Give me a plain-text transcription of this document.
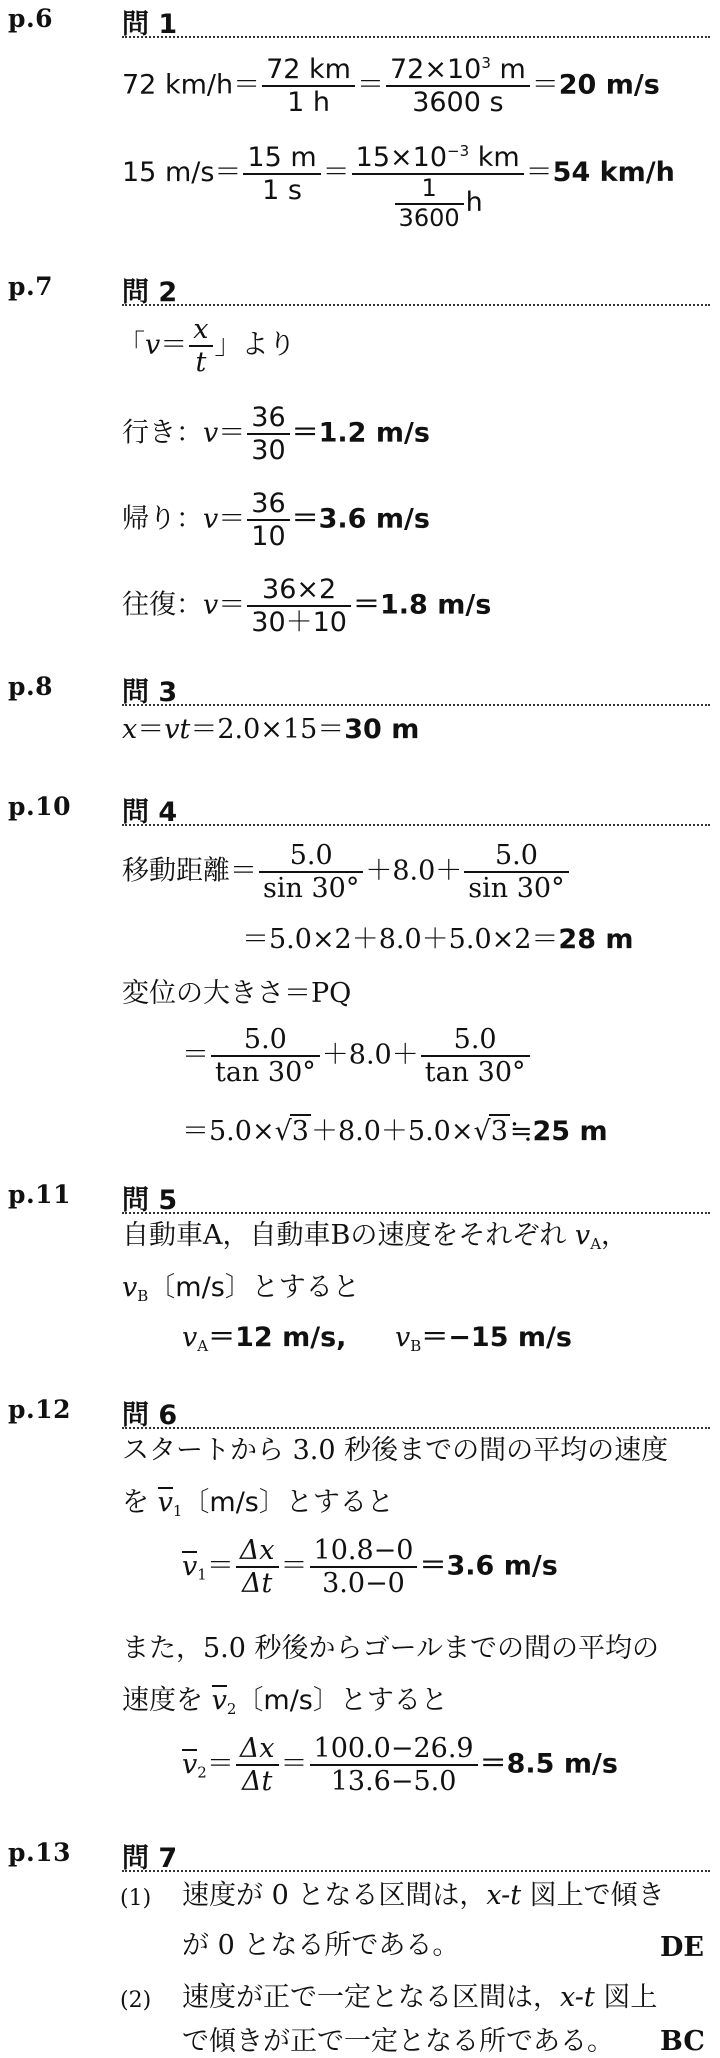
p.6	問 1
72 $km/h= \frac{72 km}{1 h} = \frac{72\times 10^3 m}{3600 s} =20$ m/s
15 $m/s= \frac{15 m}{1 s} = \frac{15\times 10^{-3} km}{\frac{1}{3600} h} =54$ km/h
p.7	問 2
「$v= \frac{x}{t}$ 」より
行き：$v= \frac{36}{30} =1.2$ m/s
帰り：$v= \frac{36}{10} =3.6$ m/s
往復：$v= \frac{36\times 2}{30+10} =1.8$ m/s
p.8	問 3
x＝vt＝2.0×15＝30 m
p.10 問 4
移動距離＝ $\frac{5.0}{\sin 30^\circ} +8.0+ \frac{5.0}{\sin 30^\circ}$
＝5.0×2＋8.0＋5.0×2＝28 m
変位の大きさ＝PQ
＝ $\frac{5.0}{\tan 30^\circ} +8.0+ \frac{5.0}{\tan 30^\circ}$
＝5.0×√3＋8.0＋5.0×√3≒25 m
p.11 問 5
自動車A，自動車Bの速度をそれぞれ $v_A$，
$v_B$〔m/s〕とすると
$v_A=12$ m/s, $v_B=-15$ m/s
p.12 問 6
スタートから 3.0 秒後までの間の平均の速度
を $v_1$〔m/s〕とすると
$v_1= \frac{\Delta x}{\Delta t} = \frac{10.8-0}{3.0-0} =3.6$ m/s
また，5.0 秒後からゴールまでの間の平均の
速度を $v_2$〔m/s〕とすると
$v_2= \frac{\Delta x}{\Delta t} = \frac{100.0-26.9}{13.6-5.0} =8.5$ m/s
p.13 問 7
(1) 速度が 0 となる区間は，x-t 図上で傾き
が 0 となる所である。	DE
(2) 速度が正で一定となる区間は，x-t 図上
で傾きが正で一定となる所である。 BC
